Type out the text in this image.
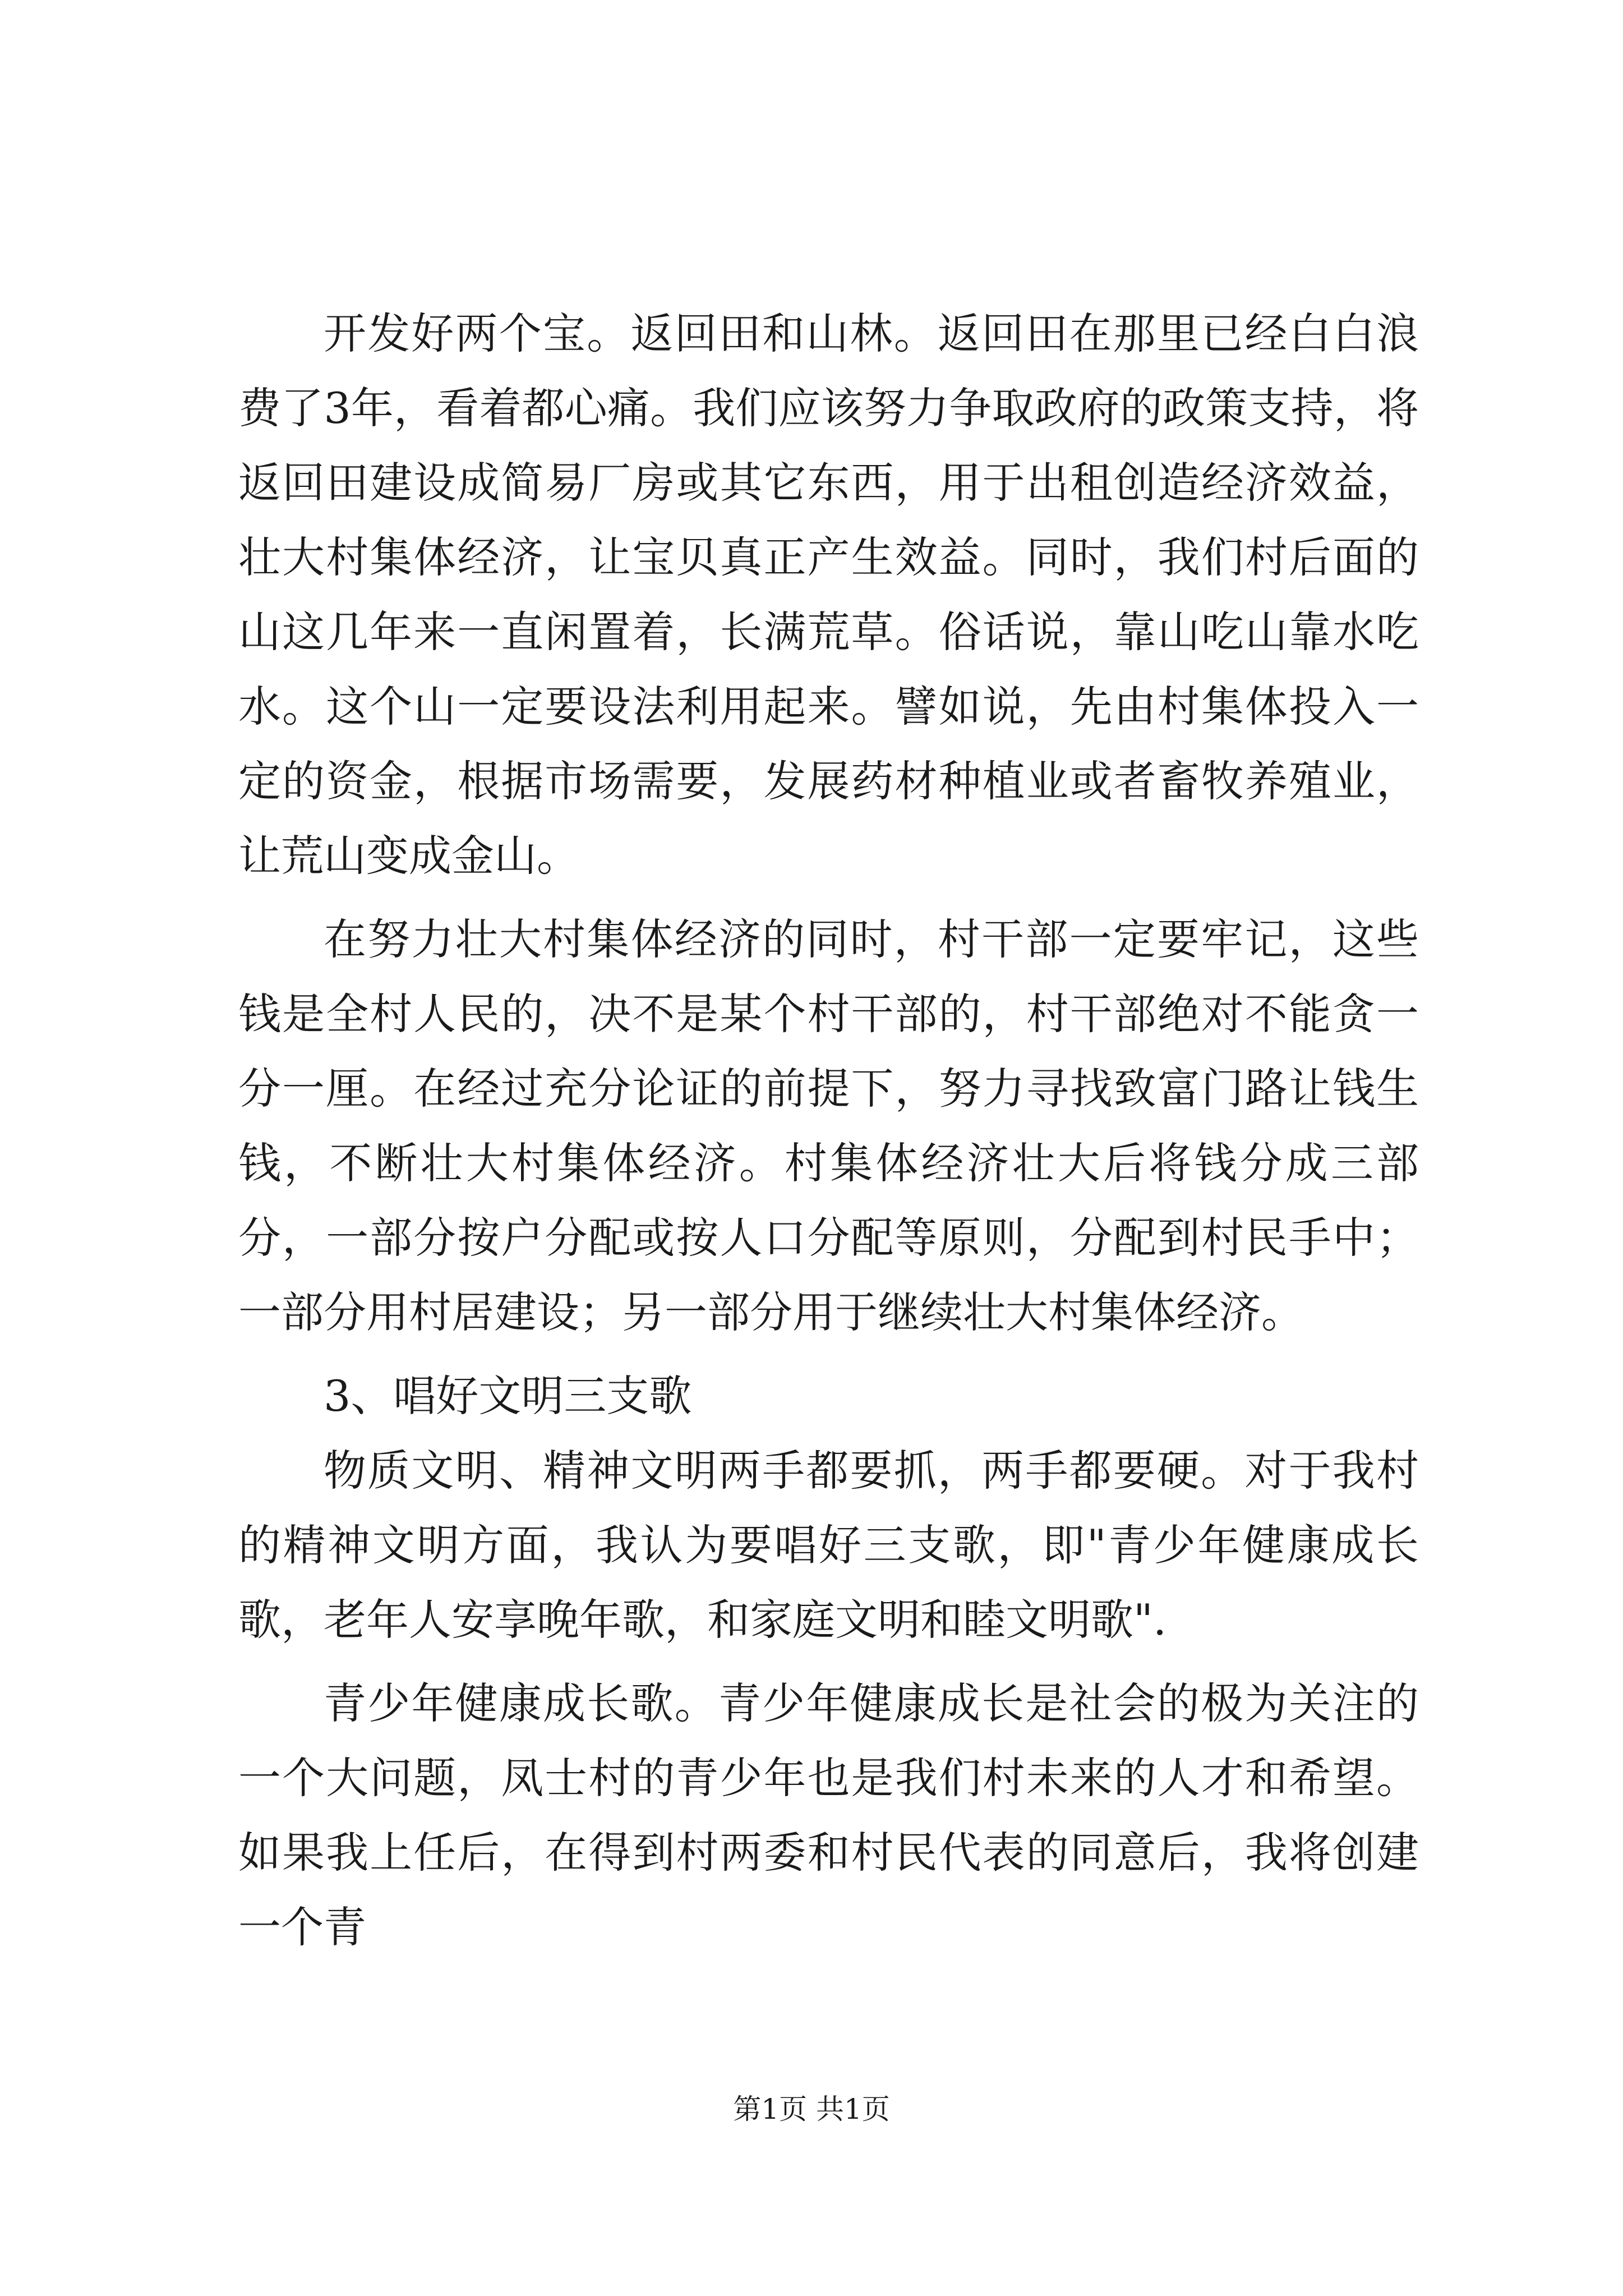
开发好两个宝。返回田和山林。返回田在那里已经白白浪费了3年，看着都心痛。我们应该努力争取政府的政策支持，将返回田建设成简易厂房或其它东西，用于出租创造经济效益，壮大村集体经济，让宝贝真正产生效益。同时，我们村后面的山这几年来一直闲置着，长满荒草。俗话说，靠山吃山靠水吃水。这个山一定要设法利用起来。譬如说，先由村集体投入一定的资金，根据市场需要，发展药材种植业或者畜牧养殖业，让荒山变成金山。

在努力壮大村集体经济的同时，村干部一定要牢记，这些钱是全村人民的，决不是某个村干部的，村干部绝对不能贪一分一厘。在经过充分论证的前提下，努力寻找致富门路让钱生钱，不断壮大村集体经济。村集体经济壮大后将钱分成三部分，一部分按户分配或按人口分配等原则，分配到村民手中；一部分用村居建设；另一部分用于继续壮大村集体经济。

3、唱好文明三支歌

物质文明、精神文明两手都要抓，两手都要硬。对于我村的精神文明方面，我认为要唱好三支歌，即"青少年健康成长歌，老年人安享晚年歌，和家庭文明和睦文明歌".

青少年健康成长歌。青少年健康成长是社会的极为关注的一个大问题，凤士村的青少年也是我们村未来的人才和希望。如果我上任后，在得到村两委和村民代表的同意后，我将创建一个青

第1页 共1页
